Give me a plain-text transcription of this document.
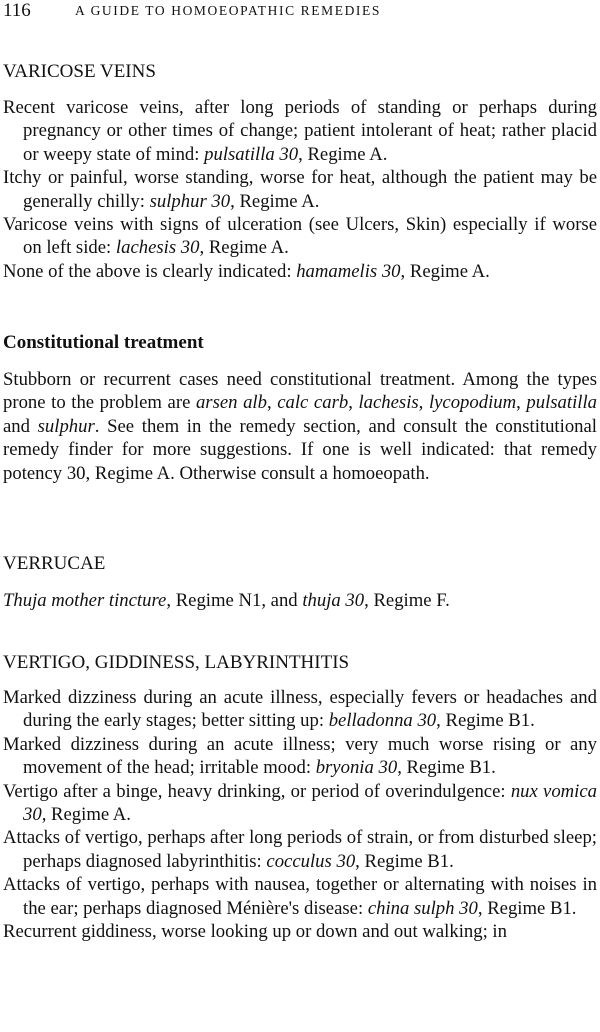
116	A GUIDE TO HOMOEOPATHIC REMEDIES
VARICOSE VEINS
Recent varicose veins, after long periods of standing or perhaps during pregnancy or other times of change; patient intolerant of heat; rather placid or weepy state of mind: pulsatilla 30, Regime A.
Itchy or painful, worse standing, worse for heat, although the patient may be generally chilly: sulphur 30, Regime A.
Varicose veins with signs of ulceration (see Ulcers, Skin) especially if worse on left side: lachesis 30, Regime A.
None of the above is clearly indicated: hamamelis 30, Regime A.
Constitutional treatment
Stubborn or recurrent cases need constitutional treatment. Among the types prone to the problem are arsen alb, calc carb, lachesis, lycopodium, pulsatilla and sulphur. See them in the remedy section, and consult the constitutional remedy finder for more suggestions. If one is well indicated: that remedy potency 30, Regime A. Otherwise consult a homoeopath.
VERRUCAE
Thuja mother tincture, Regime N1, and thuja 30, Regime F.
VERTIGO, GIDDINESS, LABYRINTHITIS
Marked dizziness during an acute illness, especially fevers or headaches and during the early stages; better sitting up: belladonna 30, Regime B1.
Marked dizziness during an acute illness; very much worse rising or any movement of the head; irritable mood: bryonia 30, Regime B1.
Vertigo after a binge, heavy drinking, or period of overindulgence: nux vomica 30, Regime A.
Attacks of vertigo, perhaps after long periods of strain, or from disturbed sleep; perhaps diagnosed labyrinthitis: cocculus 30, Regime B1.
Attacks of vertigo, perhaps with nausea, together or alternating with noises in the ear; perhaps diagnosed Ménière's disease: china sulph 30, Regime B1.
Recurrent giddiness, worse looking up or down and out walking; in
